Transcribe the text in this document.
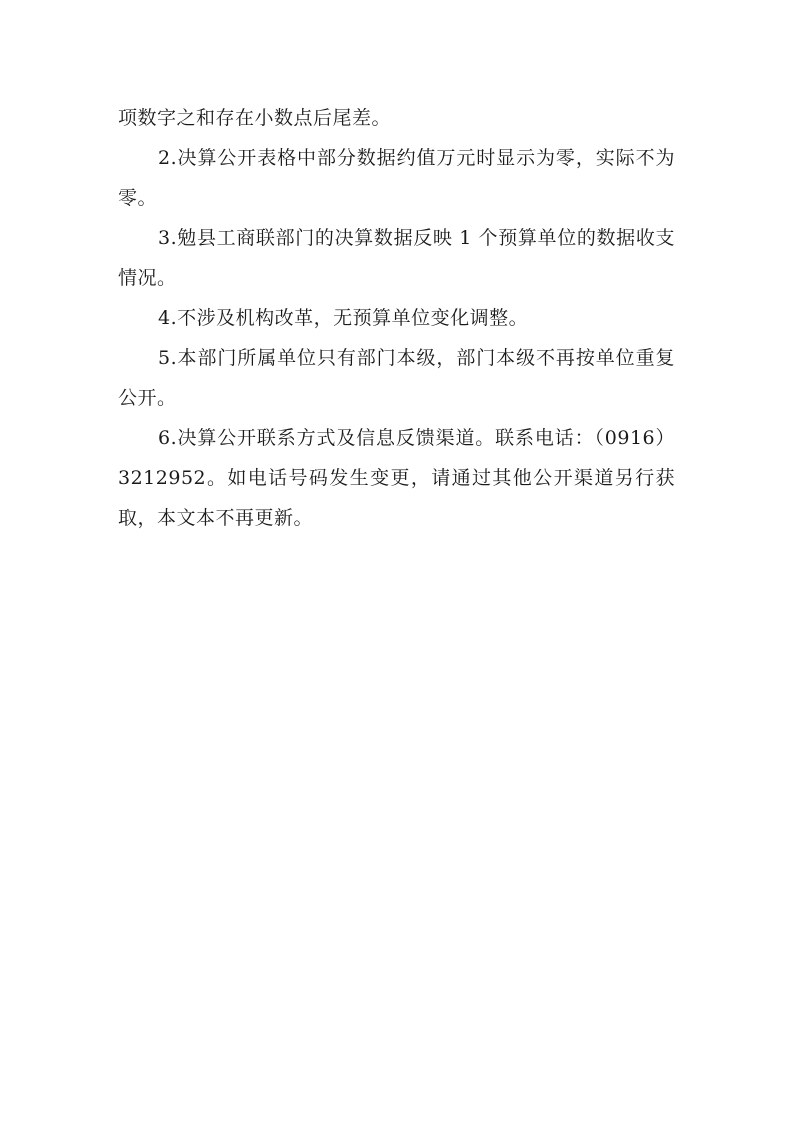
项数字之和存在小数点后尾差。

2.决算公开表格中部分数据约值万元时显示为零，实际不为零。

3.勉县工商联部门的决算数据反映 1 个预算单位的数据收支情况。

4.不涉及机构改革，无预算单位变化调整。

5.本部门所属单位只有部门本级，部门本级不再按单位重复公开。

6.决算公开联系方式及信息反馈渠道。联系电话：（0916）3212952。如电话号码发生变更，请通过其他公开渠道另行获取，本文本不再更新。
